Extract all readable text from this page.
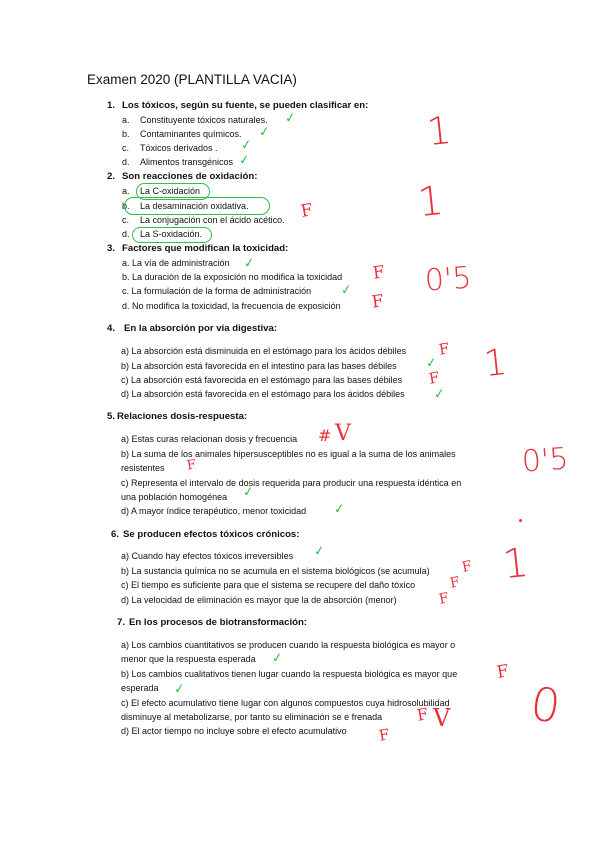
Examen 2020 (PLANTILLA VACIA)
1. Los tóxicos, según su fuente, se pueden clasificar en:
a. Constituyente tóxicos naturales.
b. Contaminantes químicos.
c. Tóxicos derivados .
d. Alimentos transgénicos
2. Son reacciones de oxidación:
a. La C-oxidación
b. La desaminación oxidativa.
c. La conjugación con el ácido acético.
d. La S-oxidación.
3. Factores que modifican la toxicidad:
a. La vía de administración
b. La duración de la exposición no modifica la toxicidad
c. La formulación de la forma de administración
d. No modifica la toxicidad, la frecuencia de exposición
4. En la absorción por vía digestiva:
a) La absorción está disminuida en el estómago para los ácidos débiles
b) La absorción está favorecida en el intestino para las bases débiles
c) La absorción está favorecida en el estómago para las bases débiles
d) La absorción está favorecida en el estómago para los ácidos débiles
5. Relaciones dosis-respuesta:
a) Estas curas relacionan dosis y frecuencia
b) La suma de los animales hipersusceptibles no es igual a la suma de los animales
resistentes
c) Representa el intervalo de dosis requerida para producir una respuesta idéntica en
una población homogénea
d) A mayor índice terapéutico, menor toxicidad
6. Se producen efectos tóxicos crónicos:
a) Cuando hay efectos tóxicos irreversibles
b) La sustancia química no se acumula en el sistema biológicos (se acumula)
c) El tiempo es suficiente para que el sistema se recupere del daño tóxico
d) La velocidad de eliminación es mayor que la de absorción (menor)
7. En los procesos de biotransformación:
a) Los cambios cuantitativos se producen cuando la respuesta biológica es mayor o
menor que la respuesta esperada
b) Los cambios cualitativos tienen lugar cuando la respuesta biológica es mayor que
esperada
c) El efecto acumulativo tiene lugar con algunos compuestos cuya hidrosolubilidad
disminuye al metabolizarse, por tanto su eliminación se e frenada
d) El actor tiempo no incluye sobre el efecto acumulativo
✓
✓
✓
✓
✓
✓
✓
✓
✓
✓
✓
✓
✓
F
F
F
F
F
# V
F
F
F
F
F
F V
F
1
1
0'5
1
0'5
1
0
